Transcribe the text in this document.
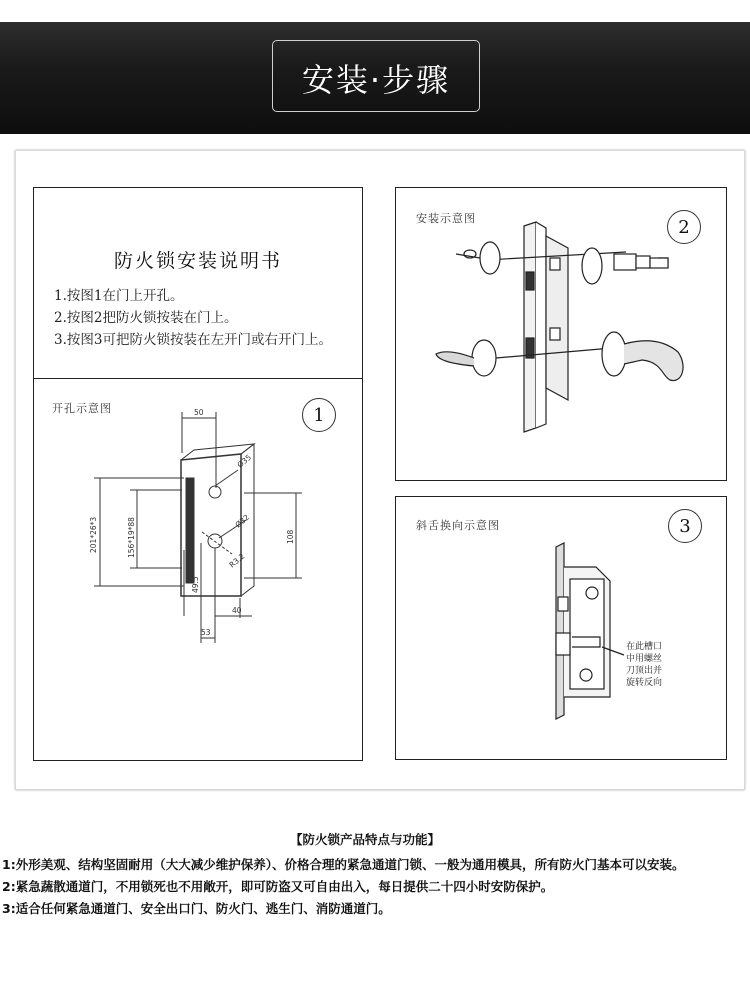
安装·步骤
防火锁安装说明书
1.按图1在门上开孔。
2.按图2把防火锁按装在门上。
3.按图3可把防火锁按装在左开门或右开门上。
开孔示意图	1
50
Ø35
201*26*3	156*19*88	Ø32
108
R3.2
49.5
40
53
安装示意图	2
斜舌换向示意图	3
在此槽口
中用螺丝
刀顶出并
旋转反向
【防火锁产品特点与功能】
1:外形美观、结构坚固耐用（大大减少维护保养）、价格合理的紧急通道门锁、一般为通用模具，所有防火门基本可以安装。
2:紧急蔬散通道门，不用锁死也不用敞开，即可防盗又可自由出入，每日提供二十四小时安防保护。
3:适合任何紧急通道门、安全出口门、防火门、逃生门、消防通道门。
